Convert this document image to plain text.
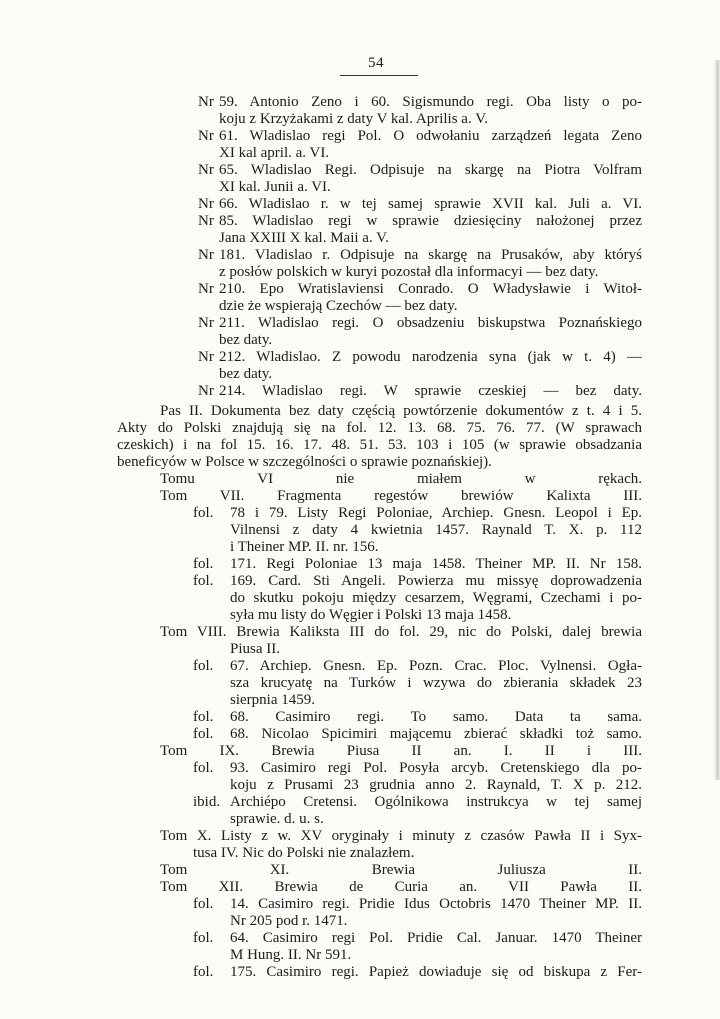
54
Nr 59. Antonio Zeno i 60. Sigismundo regi. Oba listy o po-
koju z Krzyżakami z daty V kal. Aprilis a. V.
Nr 61. Wladislao regi Pol. O odwołaniu zarządzeń legata Zeno
XI kal april. a. VI.
Nr 65. Wladislao Regi. Odpisuje na skargę na Piotra Volfram
XI kal. Junii a. VI.
Nr 66. Wladislao r. w tej samej sprawie XVII kal. Juli a. VI.
Nr 85. Wladislao regi w sprawie dziesięciny nałożonej przez
Jana XXIII X kal. Maii a. V.
Nr 181. Vladislao r. Odpisuje na skargę na Prusaków, aby któryś
z posłów polskich w kuryi pozostał dla informacyi — bez daty.
Nr 210. Epo Wratislaviensi Conrado. O Władysławie i Witoł-
dzie że wspierają Czechów — bez daty.
Nr 211. Wladislao regi. O obsadzeniu biskupstwa Poznańskiego
bez daty.
Nr 212. Wladislao. Z powodu narodzenia syna (jak w t. 4) —
bez daty.
Nr 214. Wladislao regi. W sprawie czeskiej — bez daty.
Pas II. Dokumenta bez daty częścią powtórzenie dokumentów z t. 4 i 5.
Akty do Polski znajdują się na fol. 12. 13. 68. 75. 76. 77. (W sprawach
czeskich) i na fol 15. 16. 17. 48. 51. 53. 103 i 105 (w sprawie obsadzania
beneficyów w Polsce w szczególności o sprawie poznańskiej).
Tomu VI nie miałem w rękach.
Tom VII. Fragmenta regestów brewiów Kalixta III.
fol. 78 i 79. Listy Regi Poloniae, Archiep. Gnesn. Leopol i Ep.
Vilnensi z daty 4 kwietnia 1457. Raynald T. X. p. 112
i Theiner MP. II. nr. 156.
fol. 171. Regi Poloniae 13 maja 1458. Theiner MP. II. Nr 158.
fol. 169. Card. Sti Angeli. Powierza mu missyę doprowadzenia
do skutku pokoju między cesarzem, Węgrami, Czechami i po-
syła mu listy do Węgier i Polski 13 maja 1458.
Tom VIII. Brewia Kaliksta III do fol. 29, nic do Polski, dalej brewia
Piusa II.
fol. 67. Archiep. Gnesn. Ep. Pozn. Crac. Ploc. Vylnensi. Ogła-
sza krucyatę na Turków i wzywa do zbierania składek 23
sierpnia 1459.
fol. 68. Casimiro regi. To samo. Data ta sama.
fol. 68. Nicolao Spicimiri mającemu zbierać składki toż samo.
Tom IX. Brewia Piusa II an. I. II i III.
fol. 93. Casimiro regi Pol. Posyła arcyb. Cretenskiego dla po-
koju z Prusami 23 grudnia anno 2. Raynald, T. X p. 212.
ibid. Archiépo Cretensi. Ogólnikowa instrukcya w tej samej
sprawie. d. u. s.
Tom X. Listy z w. XV oryginały i minuty z czasów Pawła II i Syx-
tusa IV. Nic do Polski nie znalazłem.
Tom XI. Brewia Juliusza II.
Tom XII. Brewia de Curia an. VII Pawła II.
fol. 14. Casimiro regi. Pridie Idus Octobris 1470 Theiner MP. II.
Nr 205 pod r. 1471.
fol. 64. Casimiro regi Pol. Pridie Cal. Januar. 1470 Theiner
M Hung. II. Nr 591.
fol. 175. Casimiro regi. Papież dowiaduje się od biskupa z Fer-
